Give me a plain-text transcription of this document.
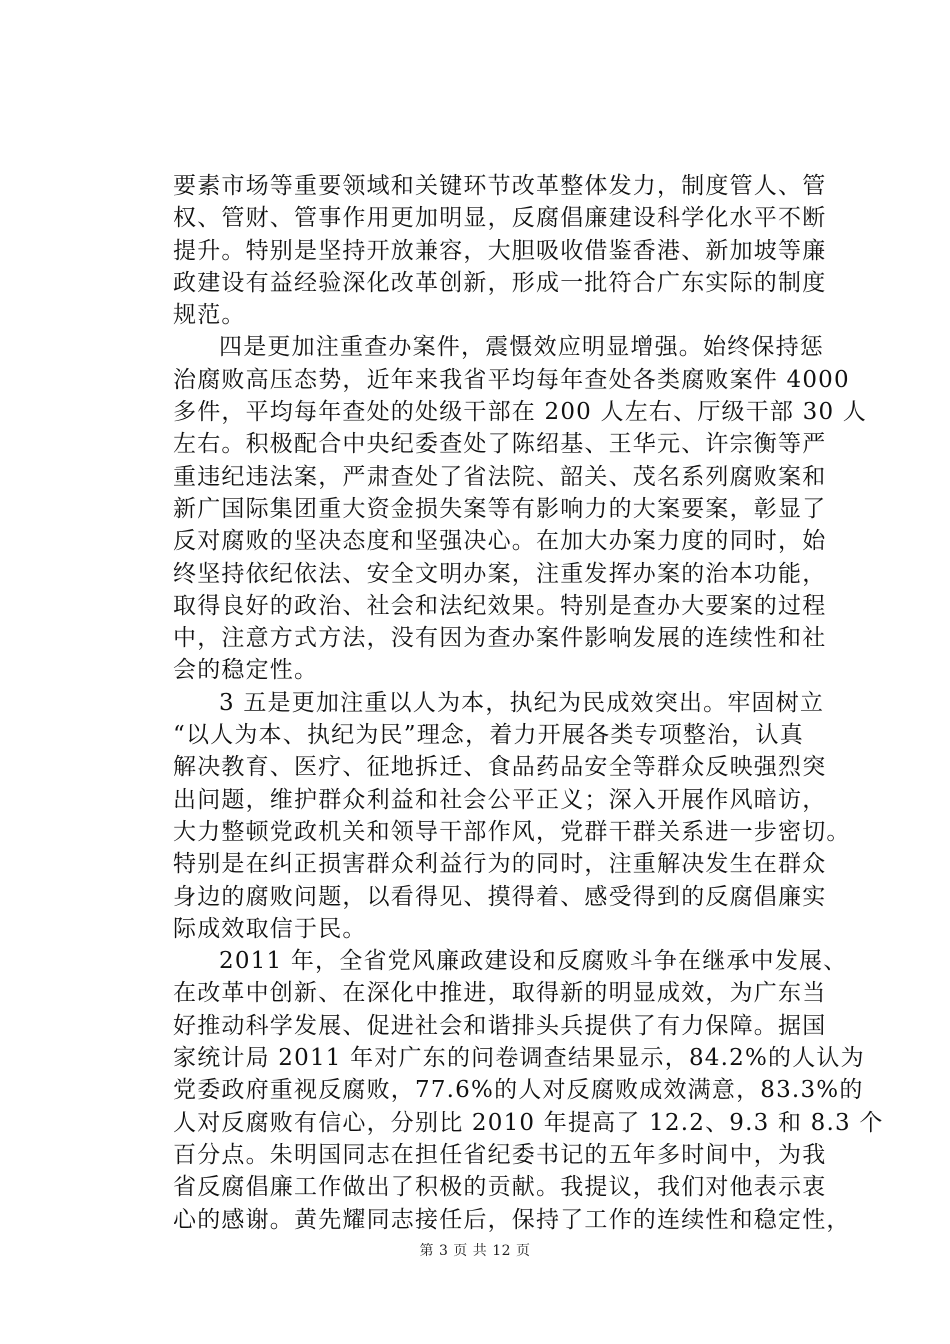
要素市场等重要领域和关键环节改革整体发力，制度管人、管
权、管财、管事作用更加明显，反腐倡廉建设科学化水平不断
提升。特别是坚持开放兼容，大胆吸收借鉴香港、新加坡等廉
政建设有益经验深化改革创新，形成一批符合广东实际的制度
规范。
四是更加注重查办案件，震慑效应明显增强。始终保持惩
治腐败高压态势，近年来我省平均每年查处各类腐败案件 4000
多件，平均每年查处的处级干部在 200 人左右、厅级干部 30 人
左右。积极配合中央纪委查处了陈绍基、王华元、许宗衡等严
重违纪违法案，严肃查处了省法院、韶关、茂名系列腐败案和
新广国际集团重大资金损失案等有影响力的大案要案，彰显了
反对腐败的坚决态度和坚强决心。在加大办案力度的同时，始
终坚持依纪依法、安全文明办案，注重发挥办案的治本功能，
取得良好的政治、社会和法纪效果。特别是查办大要案的过程
中，注意方式方法，没有因为查办案件影响发展的连续性和社
会的稳定性。
3 五是更加注重以人为本，执纪为民成效突出。牢固树立
“以人为本、执纪为民”理念，着力开展各类专项整治，认真
解决教育、医疗、征地拆迁、食品药品安全等群众反映强烈突
出问题，维护群众利益和社会公平正义；深入开展作风暗访，
大力整顿党政机关和领导干部作风，党群干群关系进一步密切。
特别是在纠正损害群众利益行为的同时，注重解决发生在群众
身边的腐败问题，以看得见、摸得着、感受得到的反腐倡廉实
际成效取信于民。
2011 年，全省党风廉政建设和反腐败斗争在继承中发展、
在改革中创新、在深化中推进，取得新的明显成效，为广东当
好推动科学发展、促进社会和谐排头兵提供了有力保障。据国
家统计局 2011 年对广东的问卷调查结果显示，84.2%的人认为
党委政府重视反腐败，77.6%的人对反腐败成效满意，83.3%的
人对反腐败有信心，分别比 2010 年提高了 12.2、9.3 和 8.3 个
百分点。朱明国同志在担任省纪委书记的五年多时间中，为我
省反腐倡廉工作做出了积极的贡献。我提议，我们对他表示衷
心的感谢。黄先耀同志接任后，保持了工作的连续性和稳定性，
第 3 页 共 12 页
